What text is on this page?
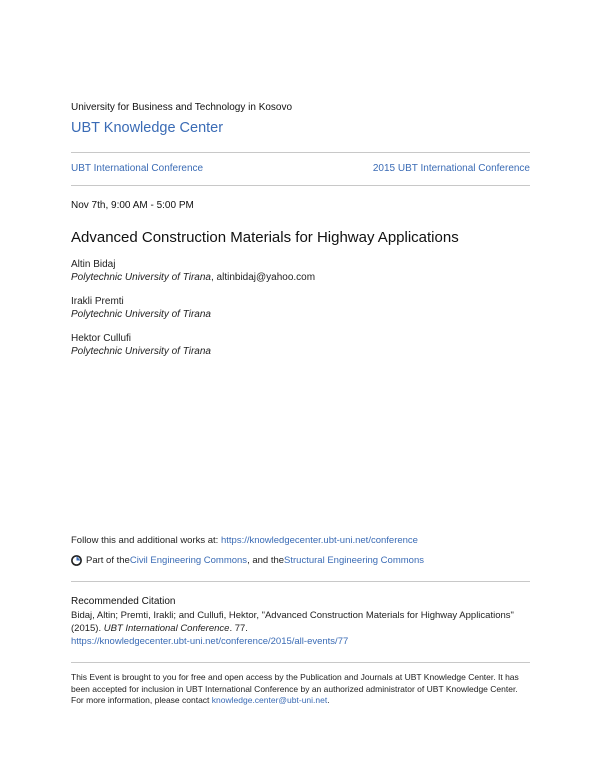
University for Business and Technology in Kosovo
UBT Knowledge Center
UBT International Conference	2015 UBT International Conference
Nov 7th, 9:00 AM - 5:00 PM
Advanced Construction Materials for Highway Applications
Altin Bidaj
Polytechnic University of Tirana, altinbidaj@yahoo.com
Irakli Premti
Polytechnic University of Tirana
Hektor Cullufi
Polytechnic University of Tirana
Follow this and additional works at: https://knowledgecenter.ubt-uni.net/conference
Part of the Civil Engineering Commons , and the Structural Engineering Commons
Recommended Citation
Bidaj, Altin; Premti, Irakli; and Cullufi, Hektor, "Advanced Construction Materials for Highway Applications" (2015). UBT International Conference. 77.
https://knowledgecenter.ubt-uni.net/conference/2015/all-events/77
This Event is brought to you for free and open access by the Publication and Journals at UBT Knowledge Center. It has been accepted for inclusion in UBT International Conference by an authorized administrator of UBT Knowledge Center. For more information, please contact knowledge.center@ubt-uni.net.
